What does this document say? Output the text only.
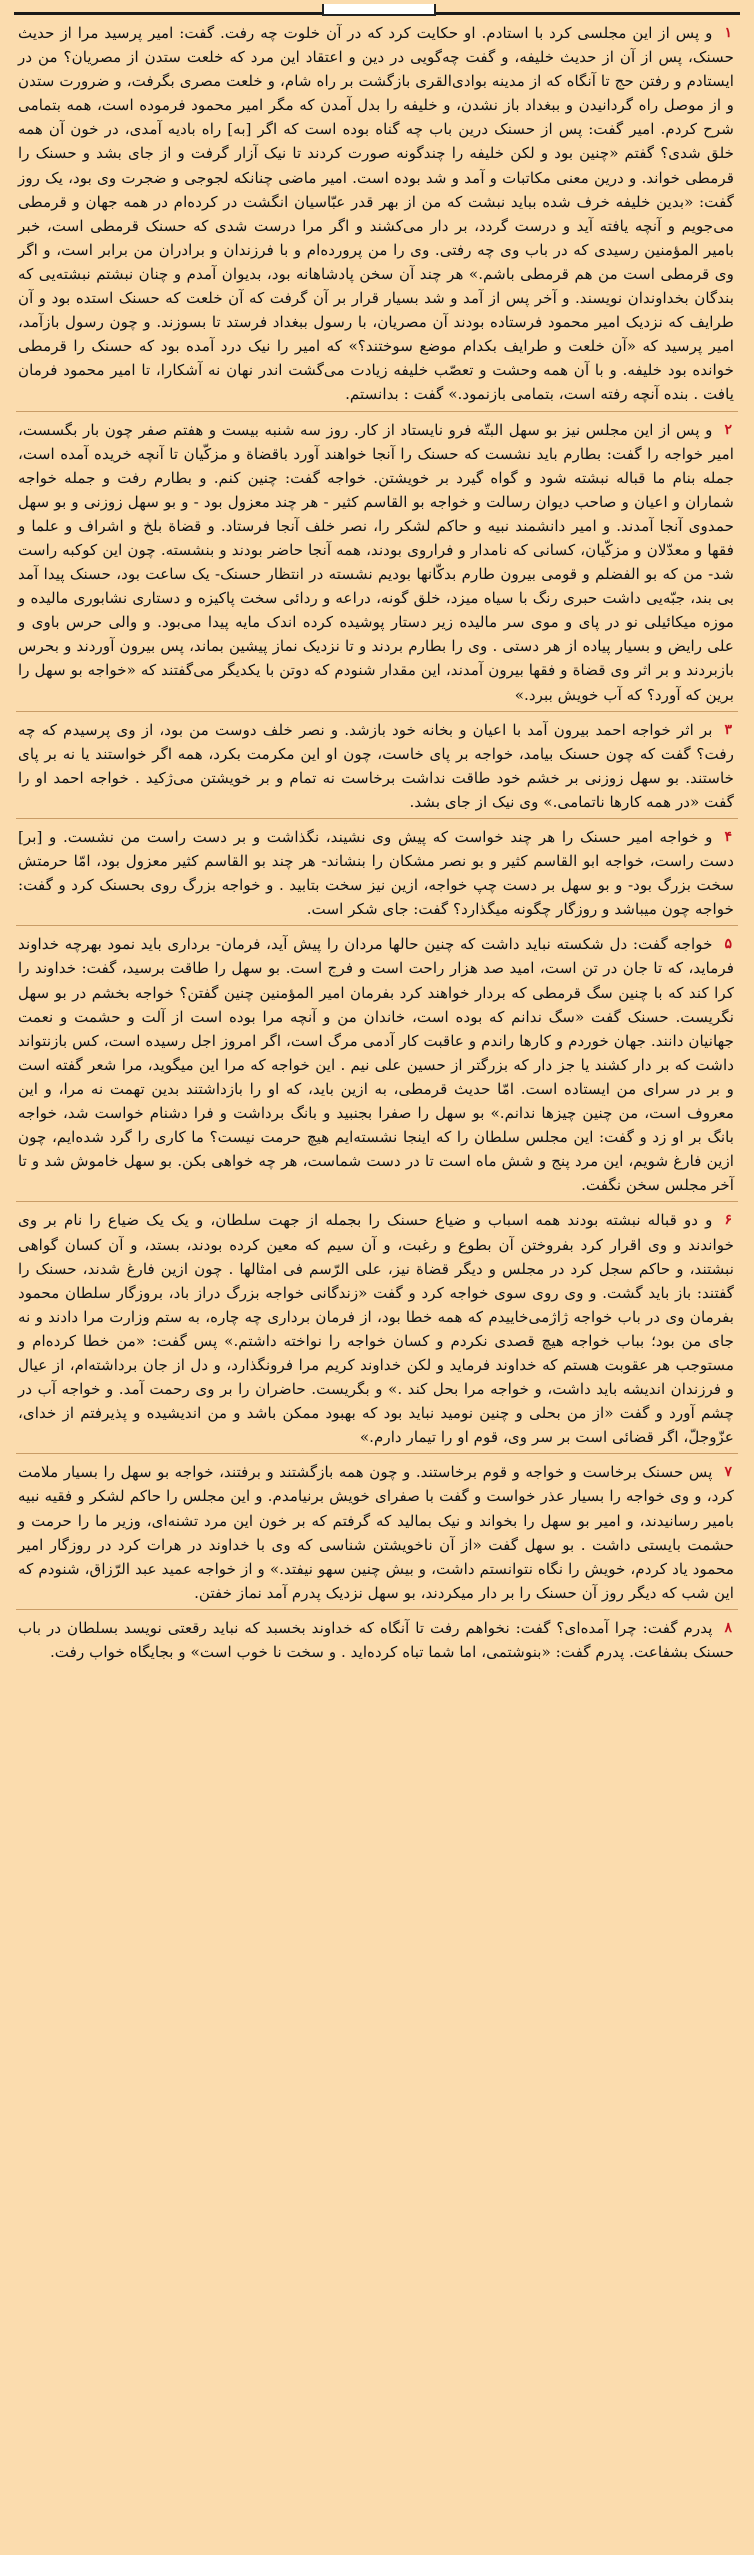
١و پس از این مجلسی کرد با استادم. او حکایت کرد که در آن خلوت چه رفت. گفت: امیر پرسید مرا از حدیث حسنک، پس از آن از حدیث خلیفه، و گفت چه‌گویی در دین و اعتقاد این مرد که خلعت ستدن از مصریان؟ من در ایستادم و رفتن حج تا آنگاه که از مدینه بوادی‌القری بازگشت بر راه شام، و خلعت مصری بگرفت، و ضرورت ستدن و از موصل راه گردانیدن و ببغداد باز نشدن، و خلیفه را بدل آمدن که مگر امیر محمود فرموده است، همه بتمامی شرح کردم. امیر گفت: پس از حسنک درین باب چه گناه بوده است که اگر [به] راه بادیه آمدی، در خون آن همه خلق شدی؟ گفتم «چنین بود و لکن خلیفه را چندگونه صورت کردند تا نیک آزار گرفت و از جای بشد و حسنک را قرمطی خواند. و درین معنی مکاتبات و آمد و شد بوده است. امیر ماضی چنانکه لجوجی و ضجرت وی بود، یک روز گفت: «بدین خلیفه خرف شده بباید نبشت که من از بهر قدر عبّاسیان انگشت در کرده‌ام در همه جهان و قرمطی می‌جویم و آنچه یافته آید و درست گردد، بر دار می‌کشند و اگر مرا درست شدی که حسنک قرمطی است، خبر بامیر المؤمنین رسیدی که در باب وی چه رفتی. وی را من پرورده‌ام و با فرزندان و برادران من برابر است، و اگر وی قرمطی است من هم قرمطی باشم.» هر چند آن سخن پادشاهانه بود، بدیوان آمدم و چنان نبشتم نبشته‌یی که بندگان بخداوندان نویسند. و آخر پس از آمد و شد بسیار قرار بر آن گرفت که آن خلعت که حسنک استده بود و آن طرایف که نزدیک امیر محمود فرستاده بودند آن مصریان، با رسول ببغداد فرستد تا بسوزند. و چون رسول بازآمد، امیر پرسید که «آن خلعت و طرایف بکدام موضع سوختند؟» که امیر را نیک درد آمده بود که حسنک را قرمطی خوانده بود خلیفه. و با آن همه وحشت و تعصّب خلیفه زیادت می‌گشت اندر نهان نه آشکارا، تا امیر محمود فرمان یافت . بنده آنچه رفته است، بتمامی بازنمود.» گفت : بدانستم.

٢و پس از این مجلس نیز بو سهل البتّه فرو نایستاد از کار. روز سه شنبه بیست و هفتم صفر چون بار بگسست، امیر خواجه را گفت: بطارم باید نشست که حسنک را آنجا خواهند آورد باقضاة و مزکّیان تا آنچه خریده آمده است، جمله بنام ما قباله نبشته شود و گواه گیرد بر خویشتن. خواجه گفت: چنین کنم. و بطارم رفت و جمله خواجه شماران و اعیان و صاحب دیوان رسالت و خواجه بو القاسم کثیر - هر چند معزول بود - و بو سهل زوزنی و بو سهل حمدوی آنجا آمدند. و امیر دانشمند نبیه و حاکم لشکر را، نصر خلف آنجا فرستاد. و قضاة بلخ و اشراف و علما و فقها و معدّلان و مزکّیان، کسانی که نامدار و فراروی بودند، همه آنجا حاضر بودند و بنشسته. چون این کوکبه راست شد- من که بو الفضلم و قومی بیرون طارم بدکّانها بودیم نشسته در انتظار حسنک- یک ساعت بود، حسنک پیدا آمد بی بند، جبّه‌یی داشت حبری رنگ با سیاه میزد، خلق گونه، دراعه و ردائی سخت پاکیزه و دستاری نشابوری مالیده و موزه میکائیلی نو در پای و موی سر مالیده زیر دستار پوشیده کرده اندک مایه پیدا می‌بود. و والی حرس باوی و علی رایض و بسیار پیاده از هر دستی . وی را بطارم بردند و تا نزدیک نماز پیشین بماند، پس بیرون آوردند و بحرس بازبردند و بر اثر وی قضاة و فقها بیرون آمدند، این مقدار شنودم که دوتن با یکدیگر می‌گفتند که «خواجه بو سهل را برین که آورد؟ که آب خویش ببرد.»

٣بر اثر خواجه احمد بیرون آمد با اعیان و بخانه خود بازشد. و نصر خلف دوست من بود، از وی پرسیدم که چه رفت؟ گفت که چون حسنک بیامد، خواجه بر پای خاست، چون او این مکرمت بکرد، همه اگر خواستند یا نه بر پای خاستند. بو سهل زوزنی بر خشم خود طاقت نداشت برخاست نه تمام و بر خویشتن می‌ژکید . خواجه احمد او را گفت «در همه کارها ناتمامی.» وی نیک از جای بشد.

۴و خواجه امیر حسنک را هر چند خواست که پیش وی نشیند، نگذاشت و بر دست راست من نشست. و [بر] دست راست، خواجه ابو القاسم کثیر و بو نصر مشکان را بنشاند- هر چند بو القاسم کثیر معزول بود، امّا حرمتش سخت بزرگ بود- و بو سهل بر دست چپ خواجه، ازین نیز سخت بتابید . و خواجه بزرگ روی بحسنک کرد و گفت: خواجه چون میباشد و روزگار چگونه میگذارد؟ گفت: جای شکر است.

۵خواجه گفت: دل شکسته نباید داشت که چنین حالها مردان را پیش آید، فرمان- برداری باید نمود بهرچه خداوند فرماید، که تا جان در تن است، امید صد هزار راحت است و فرج است. بو سهل را طاقت برسید، گفت: خداوند را کرا کند که با چنین سگ قرمطی که بردار خواهند کرد بفرمان امیر المؤمنین چنین گفتن؟ خواجه بخشم در بو سهل نگریست. حسنک گفت «سگ ندانم که بوده است، خاندان من و آنچه مرا بوده است از آلت و حشمت و نعمت جهانیان دانند. جهان خوردم و کارها راندم و عاقبت کار آدمی مرگ است، اگر امروز اجل رسیده است، کس بازنتواند داشت که بر دار کشند یا جز دار که بزرگتر از حسین علی نیم . این خواجه که مرا این میگوید، مرا شعر گفته است و بر در سرای من ایستاده است. امّا حدیث قرمطی، به ازین باید، که او را بازداشتند بدین تهمت نه مرا، و این معروف است، من چنین چیزها ندانم.» بو سهل را صفرا بجنبید و بانگ برداشت و فرا دشنام خواست شد، خواجه بانگ بر او زد و گفت: این مجلس سلطان را که اینجا نشسته‌ایم هیچ حرمت نیست؟ ما کاری را گرد شده‌ایم، چون ازین فارغ شویم، این مرد پنج و شش ماه است تا در دست شماست، هر چه خواهی بکن. بو سهل خاموش شد و تا آخر مجلس سخن نگفت.

۶و دو قباله نبشته بودند همه اسباب و ضیاع حسنک را بجمله از جهت سلطان، و یک یک ضیاع را نام بر وی خواندند و وی اقرار کرد بفروختن آن بطوع و رغبت، و آن سیم که معین کرده بودند، بستد، و آن کسان گواهی نبشتند، و حاکم سجل کرد در مجلس و دیگر قضاة نیز، علی الرّسم فی امثالها . چون ازین فارغ شدند، حسنک را گفتند: باز باید گشت. و وی روی سوی خواجه کرد و گفت «زندگانی خواجه بزرگ دراز باد، بروزگار سلطان محمود بفرمان وی در باب خواجه ژاژمی‌خاییدم که همه خطا بود، از فرمان برداری چه چاره، به ستم وزارت مرا دادند و نه جای من بود؛ بباب خواجه هیچ قصدی نکردم و کسان خواجه را نواخته داشتم.» پس گفت: «من خطا کرده‌ام و مستوجب هر عقوبت هستم که خداوند فرماید و لکن خداوند کریم مرا فرونگذارد، و دل از جان برداشته‌ام، از عیال و فرزندان اندیشه باید داشت، و خواجه مرا بحل کند .» و بگریست. حاضران را بر وی رحمت آمد. و خواجه آب در چشم آورد و گفت «از من بحلی و چنین نومید نباید بود که بهبود ممکن باشد و من اندیشیده و پذیرفتم از خدای، عزّوجلّ، اگر قضائی است بر سر وی، قوم او را تیمار دارم.»

٧پس حسنک برخاست و خواجه و قوم برخاستند. و چون همه بازگشتند و برفتند، خواجه بو سهل را بسیار ملامت کرد، و وی خواجه را بسیار عذر خواست و گفت با صفرای خویش برنیامدم. و این مجلس را حاکم لشکر و فقیه نبیه بامیر رسانیدند، و امیر بو سهل را بخواند و نیک بمالید که گرفتم که بر خون این مرد تشنه‌ای، وزیر ما را حرمت و حشمت بایستی داشت . بو سهل گفت «از آن ناخویشتن شناسی که وی با خداوند در هرات کرد در روزگار امیر محمود یاد کردم، خویش را نگاه نتوانستم داشت، و بیش چنین سهو نیفتد.» و از خواجه عمید عبد الرّزاق، شنودم که این شب که دیگر روز آن حسنک را بر دار میکردند، بو سهل نزدیک پدرم آمد نماز خفتن.

٨پدرم گفت: چرا آمده‌ای؟ گفت: نخواهم رفت تا آنگاه که خداوند بخسبد که نباید رقعتی نویسد بسلطان در باب حسنک بشفاعت. پدرم گفت: «بنوشتمی، اما شما تباه کرده‌اید . و سخت نا خوب است» و بجایگاه خواب رفت.
